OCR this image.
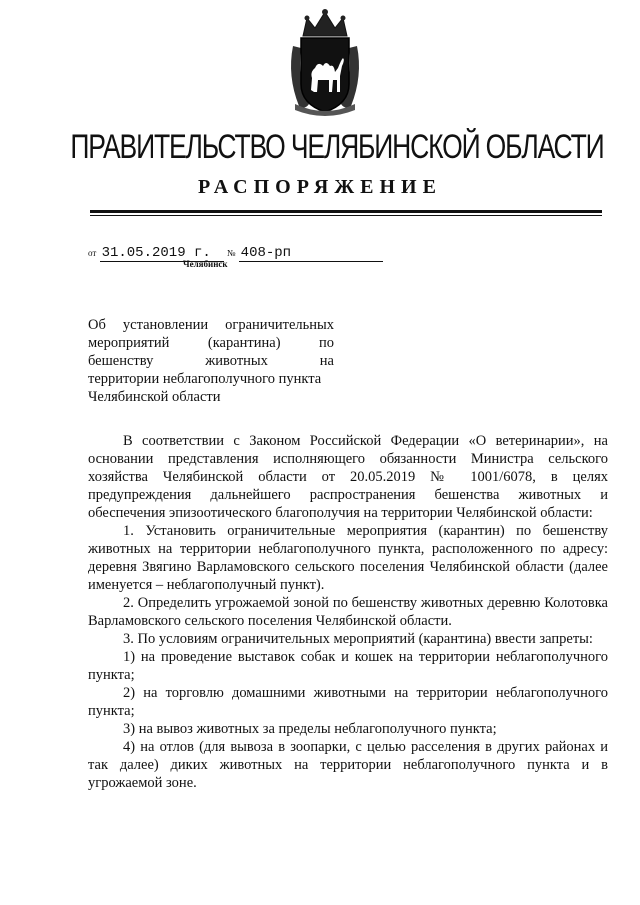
ПРАВИТЕЛЬСТВО ЧЕЛЯБИНСКОЙ ОБЛАСТИ
РАСПОРЯЖЕНИЕ
от 31.05.2019 г. № 408-рп
Челябинск
Об установлении ограничительных
мероприятий (карантина) по
бешенству животных на
территории неблагополучного пункта
Челябинской области

В соответствии с Законом Российской Федерации «О ветеринарии», на основании представления исполняющего обязанности Министра сельского хозяйства Челябинской области от 20.05.2019 № 1001/6078, в целях предупреждения дальнейшего распространения бешенства животных и обеспечения эпизоотического благополучия на территории Челябинской области:

1. Установить ограничительные мероприятия (карантин) по бешенству животных на территории неблагополучного пункта, расположенного по адресу: деревня Звягино Варламовского сельского поселения Челябинской области (далее именуется – неблагополучный пункт).

2. Определить угрожаемой зоной по бешенству животных деревню Колотовка Варламовского сельского поселения Челябинской области.

3. По условиям ограничительных мероприятий (карантина) ввести запреты:

1) на проведение выставок собак и кошек на территории неблагополучного пункта;

2) на торговлю домашними животными на территории неблагополучного пункта;

3) на вывоз животных за пределы неблагополучного пункта;

4) на отлов (для вывоза в зоопарки, с целью расселения в других районах и так далее) диких животных на территории неблагополучного пункта и в угрожаемой зоне.
